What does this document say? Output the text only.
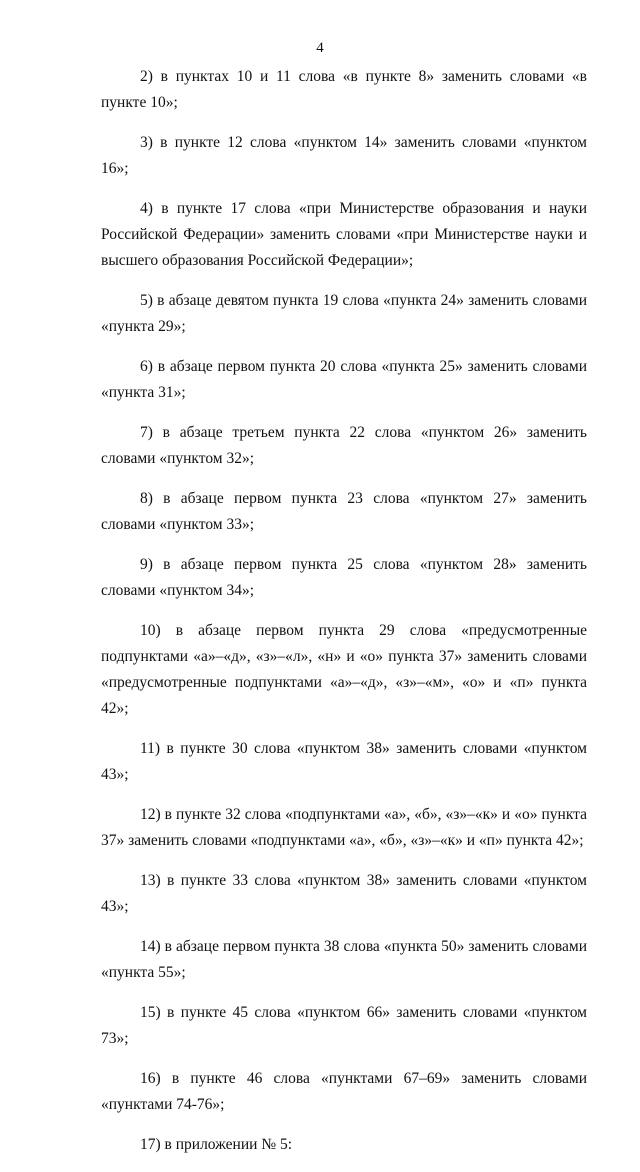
4

2) в пунктах 10 и 11 слова «в пункте 8» заменить словами «в пункте 10»;

3) в пункте 12 слова «пунктом 14» заменить словами «пунктом 16»;

4) в пункте 17 слова «при Министерстве образования и науки Российской Федерации» заменить словами «при Министерстве науки и высшего образования Российской Федерации»;

5) в абзаце девятом пункта 19 слова «пункта 24» заменить словами «пункта 29»;

6) в абзаце первом пункта 20 слова «пункта 25» заменить словами «пункта 31»;

7) в абзаце третьем пункта 22 слова «пунктом 26» заменить словами «пунктом 32»;

8) в абзаце первом пункта 23 слова «пунктом 27» заменить словами «пунктом 33»;

9) в абзаце первом пункта 25 слова «пунктом 28» заменить словами «пунктом 34»;

10) в абзаце первом пункта 29 слова «предусмотренные подпунктами «а»–«д», «з»–«л», «н» и «о» пункта 37» заменить словами «предусмотренные подпунктами «а»–«д», «з»–«м», «о» и «п» пункта 42»;

11) в пункте 30 слова «пунктом 38» заменить словами «пунктом 43»;

12) в пункте 32 слова «подпунктами «а», «б», «з»–«к» и «о» пункта 37» заменить словами «подпунктами «а», «б», «з»–«к» и «п» пункта 42»;

13) в пункте 33 слова «пунктом 38» заменить словами «пунктом 43»;

14) в абзаце первом пункта 38 слова «пункта 50» заменить словами «пункта 55»;

15) в пункте 45 слова «пунктом 66» заменить словами «пунктом 73»;

16) в пункте 46 слова «пунктами 67–69» заменить словами «пунктами 74-76»;

17) в приложении № 5:
